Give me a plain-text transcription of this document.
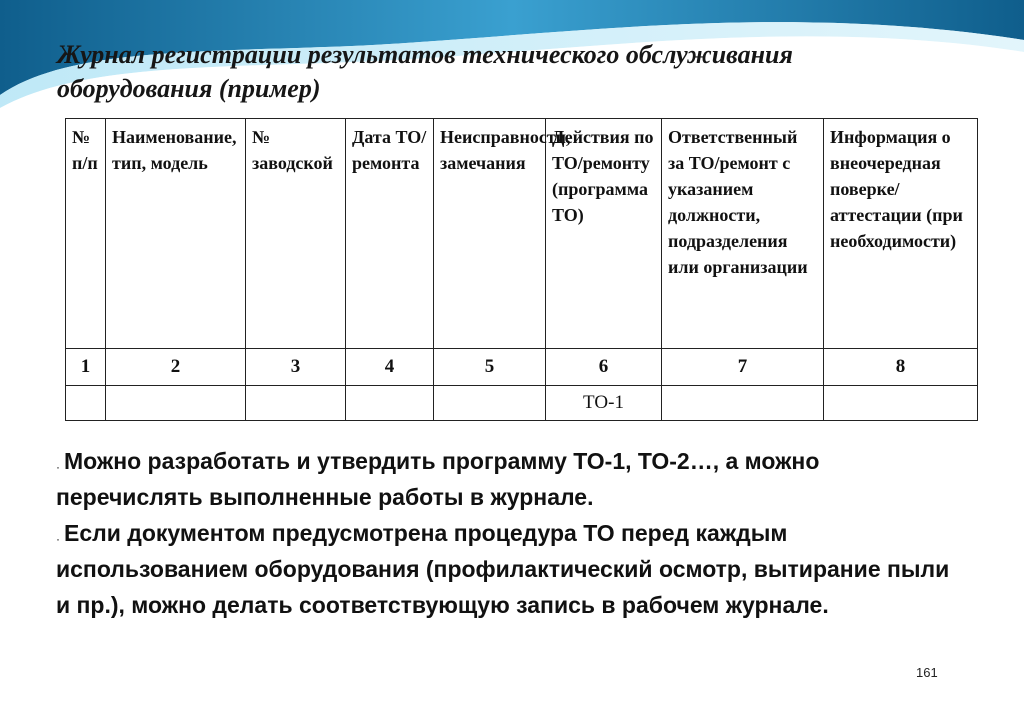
Журнал регистрации результатов технического обслуживания
оборудования (пример)
№ п/п	Наименование, тип, модель	№ заводской	Дата ТО/ ремонта	Неисправности, замечания	Действия по ТО/ремонту (программа ТО)	Ответственный за ТО/ремонт с указанием должности, подразделения или организации	Информация о внеочередная поверке/аттестации (при необходимости)
1	2	3	4	5	6	7	8
					ТО-1		

· Можно разработать и утвердить программу ТО-1, ТО-2…, а можно перечислять выполненные работы в журнале.

· Если документом предусмотрена процедура ТО перед каждым использованием оборудования (профилактический осмотр, вытирание пыли и пр.), можно делать соответствующую запись в рабочем журнале.

161
